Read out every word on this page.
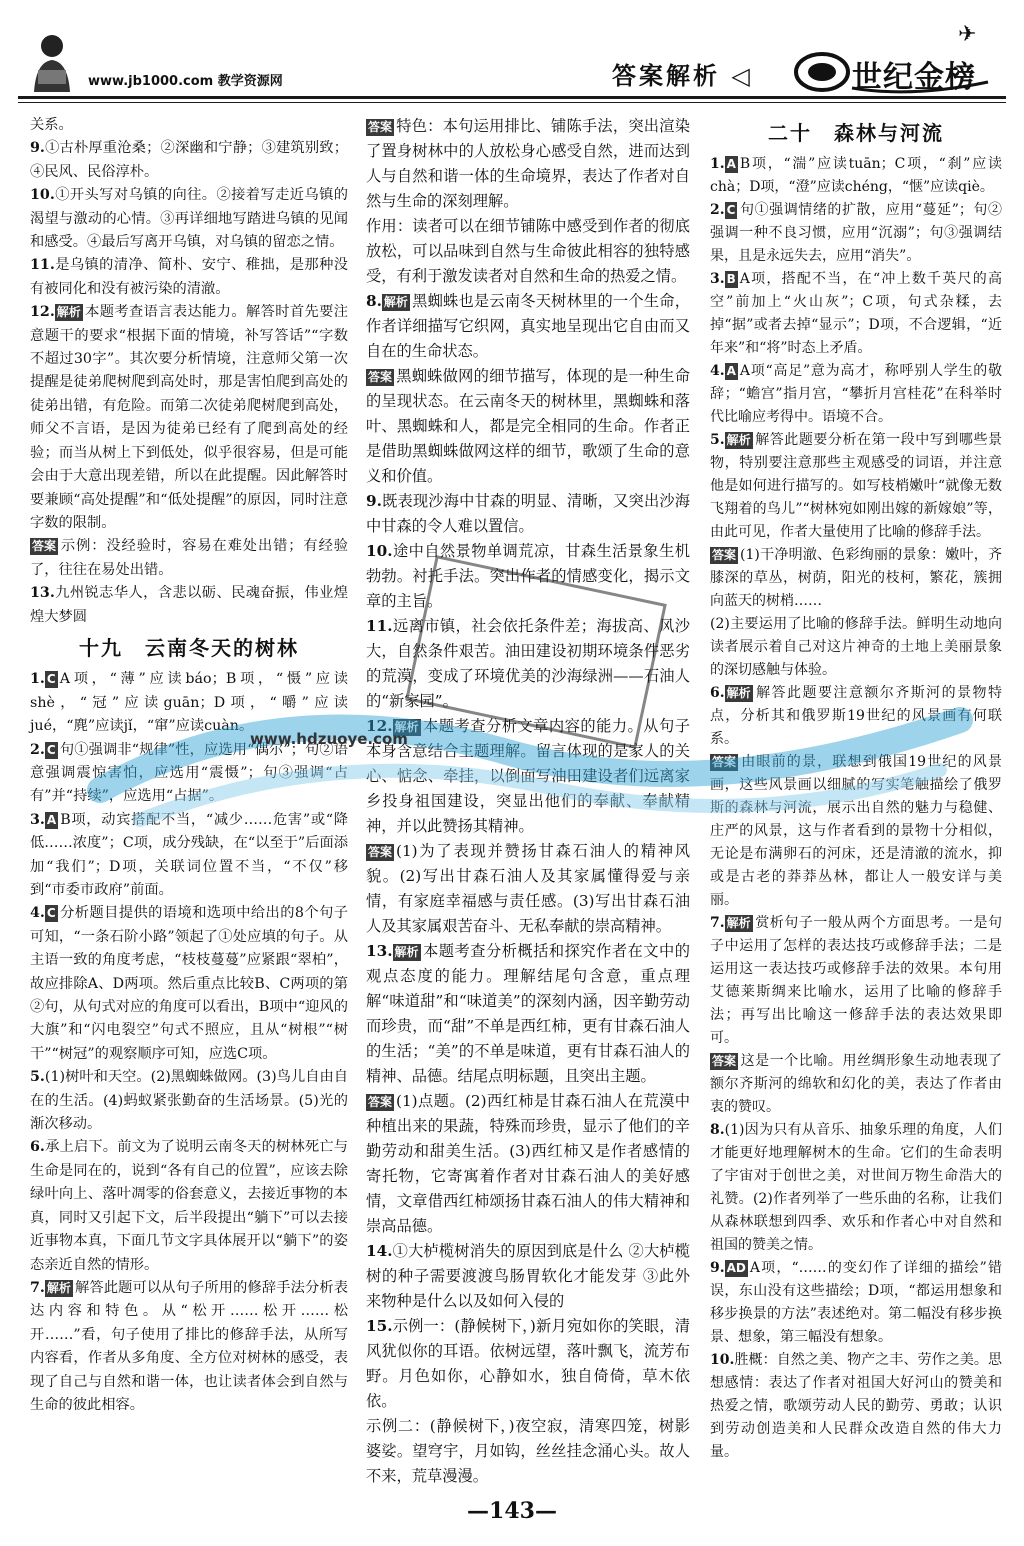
www.jb1000.com 教学资源网	答案解析 ◁	世纪金榜
✈

关系。

9.①古朴厚重沧桑；②深幽和宁静；③建筑别致；④民风、民俗淳朴。

10.①开头写对乌镇的向往。②接着写走近乌镇的渴望与激动的心情。③再详细地写踏进乌镇的见闻和感受。④最后写离开乌镇，对乌镇的留恋之情。

11.是乌镇的清净、简朴、安宁、稚拙，是那种没有被同化和没有被污染的清澈。

12. 解析 本题考查语言表达能力。解答时首先要注意题干的要求“根据下面的情境，补写答话”“字数不超过30字”。其次要分析情境，注意师父第一次提醒是徒弟爬树爬到高处时，那是害怕爬到高处的徒弟出错，有危险。而第二次徒弟爬树爬到高处，师父不言语，是因为徒弟已经有了爬到高处的经验；而当从树上下到低处，似乎很容易，但是可能会由于大意出现差错，所以在此提醒。因此解答时要兼顾“高处提醒”和“低处提醒”的原因，同时注意字数的限制。

答案 示例：没经验时，容易在难处出错；有经验了，往往在易处出错。

13.九州锐志华人，含悲以砺、民魂奋振，伟业煌煌大梦圆

十九　云南冬天的树林

1. C A项，“薄”应读báo；B项，“慑”应读shè，“冠”应读guān；D项，“嚼”应读jué，“麂”应读jǐ，“窜”应读cuàn。

2. C 句①强调非“规律”性，应选用“偶尔”；句②语意强调震惊害怕，应选用“震慑”；句③强调“占有”并“持续”，应选用“占据”。

3. A B项，动宾搭配不当，“减少……危害”或“降低……浓度”；C项，成分残缺，在“以至于”后面添加“我们”；D项，关联词位置不当，“不仅”移到“市委市政府”前面。

4. C 分析题目提供的语境和选项中给出的8个句子可知，“一条石阶小路”领起了①处应填的句子。从主语一致的角度考虑，“枝枝蔓蔓”应紧跟“翠柏”，故应排除A、D两项。然后重点比较B、C两项的第②句，从句式对应的角度可以看出，B项中“迎风的大旗”和“闪电裂空”句式不照应，且从“树根”“树干”“树冠”的观察顺序可知，应选C项。

5.(1)树叶和天空。(2)黑蜘蛛做网。(3)鸟儿自由自在的生活。(4)蚂蚁紧张勤奋的生活场景。(5)光的渐次移动。

6.承上启下。前文为了说明云南冬天的树林死亡与生命是同在的，说到“各有自己的位置”，应该去除绿叶向上、落叶凋零的俗套意义，去接近事物的本真，同时又引起下文，后半段提出“躺下”可以去接近事物本真，下面几节文字具体展开以“躺下”的姿态亲近自然的情形。

7. 解析 解答此题可以从句子所用的修辞手法分析表达内容和特色。从“松开……松开……松开……”看，句子使用了排比的修辞手法，从所写内容看，作者从多角度、全方位对树林的感受，表现了自己与自然和谐一体，也让读者体会到自然与生命的彼此相容。

答案 特色：本句运用排比、铺陈手法，突出渲染了置身树林中的人放松身心感受自然，进而达到人与自然和谐一体的生命境界，表达了作者对自然与生命的深刻理解。

作用：读者可以在细节铺陈中感受到作者的彻底放松，可以品味到自然与生命彼此相容的独特感受，有利于激发读者对自然和生命的热爱之情。

8. 解析 黑蜘蛛也是云南冬天树林里的一个生命，作者详细描写它织网，真实地呈现出它自由而又自在的生命状态。

答案 黑蜘蛛做网的细节描写，体现的是一种生命的呈现状态。在云南冬天的树林里，黑蜘蛛和落叶、黑蜘蛛和人，都是完全相同的生命。作者正是借助黑蜘蛛做网这样的细节，歌颂了生命的意义和价值。

9.既表现沙海中甘森的明显、清晰，又突出沙海中甘森的令人难以置信。

10.途中自然景物单调荒凉，甘森生活景象生机勃勃。衬托手法。突出作者的情感变化，揭示文章的主旨。

11.远离市镇，社会依托条件差；海拔高、风沙大，自然条件艰苦。油田建设初期环境条件恶劣的荒漠，变成了环境优美的沙海绿洲——石油人的“新家园”。

12. 解析 本题考查分析文章内容的能力。从句子本身含意结合主题理解。留言体现的是家人的关心、惦念、牵挂，以倒面写油田建设者们远离家乡投身祖国建设，突显出他们的奉献、奉献精神，并以此赞扬其精神。

答案 (1)为了表现并赞扬甘森石油人的精神风貌。(2)写出甘森石油人及其家属懂得爱与亲情，有家庭幸福感与责任感。(3)写出甘森石油人及其家属艰苦奋斗、无私奉献的崇高精神。

13. 解析 本题考查分析概括和探究作者在文中的观点态度的能力。理解结尾句含意，重点理解“味道甜”和“味道美”的深刻内涵，因辛勤劳动而珍贵，而“甜”不单是西红柿，更有甘森石油人的生活；“美”的不单是味道，更有甘森石油人的精神、品德。结尾点明标题，且突出主题。

答案 (1)点题。(2)西红柿是甘森石油人在荒漠中种植出来的果蔬，特殊而珍贵，显示了他们的辛勤劳动和甜美生活。(3)西红柿又是作者感情的寄托物，它寄寓着作者对甘森石油人的美好感情，文章借西红柿颂扬甘森石油人的伟大精神和崇高品德。

14.①大栌榄树消失的原因到底是什么 ②大栌榄树的种子需要渡渡鸟肠胃软化才能发芽 ③此外来物种是什么以及如何入侵的

15.示例一：(静候树下，)新月宛如你的笑眼，清风犹似你的耳语。依树远望，落叶飘飞，流芳布野。月色如你，心静如水，独自倚倚，草木依依。

示例二：(静候树下，)夜空寂，清寒四笼，树影婆娑。望穹宇，月如钩，丝丝挂念涌心头。故人不来，荒草漫漫。

二十　森林与河流

1. A B项，“湍”应读tuān；C项，“刹”应读chà；D项，“澄”应读chéng，“惬”应读qiè。

2. C 句①强调情绪的扩散，应用“蔓延”；句②强调一种不良习惯，应用“沉溺”；句③强调结果，且是永远失去，应用“消失”。

3. B A项，搭配不当，在“冲上数千英尺的高空”前加上“火山灰”；C项，句式杂糅，去掉“据”或者去掉“显示”；D项，不合逻辑，“近年来”和“将”时态上矛盾。

4. A A项“高足”意为高才，称呼别人学生的敬辞；“蟾宫”指月宫，“攀折月宫桂花”在科举时代比喻应考得中。语境不合。

5. 解析 解答此题要分析在第一段中写到哪些景物，特别要注意那些主观感受的词语，并注意他是如何进行描写的。如写枝梢嫩叶“就像无数飞翔着的鸟儿”“树林宛如刚出嫁的新嫁娘”等，由此可见，作者大量使用了比喻的修辞手法。

答案 (1)干净明澈、色彩绚丽的景象：嫩叶，齐膝深的草丛，树荫，阳光的枝柯，繁花，簇拥向蓝天的树梢……

(2)主要运用了比喻的修辞手法。鲜明生动地向读者展示着自己对这片神奇的土地上美丽景象的深切感触与体验。

6. 解析 解答此题要注意额尔齐斯河的景物特点，分析其和俄罗斯19世纪的风景画有何联系。

答案 由眼前的景，联想到俄国19世纪的风景画，这些风景画以细腻的写实笔触描绘了俄罗斯的森林与河流，展示出自然的魅力与稳健、庄严的风景，这与作者看到的景物十分相似，无论是布满卵石的河床，还是清澈的流水，抑或是古老的莽莽丛林，都让人一般安详与美丽。

7. 解析 赏析句子一般从两个方面思考。一是句子中运用了怎样的表达技巧或修辞手法；二是运用这一表达技巧或修辞手法的效果。本句用艾德莱斯绸来比喻水，运用了比喻的修辞手法；再写出比喻这一修辞手法的表达效果即可。

答案 这是一个比喻。用丝绸形象生动地表现了额尔齐斯河的绵软和幻化的美，表达了作者由衷的赞叹。

8.(1)因为只有从音乐、抽象乐理的角度，人们才能更好地理解树木的生命。它们的生命表明了宇宙对于创世之美，对世间万物生命浩大的礼赞。(2)作者列举了一些乐曲的名称，让我们从森林联想到四季、欢乐和作者心中对自然和祖国的赞美之情。

9. AD A项，“……的变幻作了详细的描绘”错误，东山没有这些描绘；D项，“都运用想象和移步换景的方法”表述绝对。第二幅没有移步换景、想象，第三幅没有想象。

10.胜概：自然之美、物产之丰、劳作之美。思想感情：表达了作者对祖国大好河山的赞美和热爱之情，歌颂劳动人民的勤劳、勇敢；认识到劳动创造美和人民群众改造自然的伟大力量。

www.hdzuoye.com
—143—
